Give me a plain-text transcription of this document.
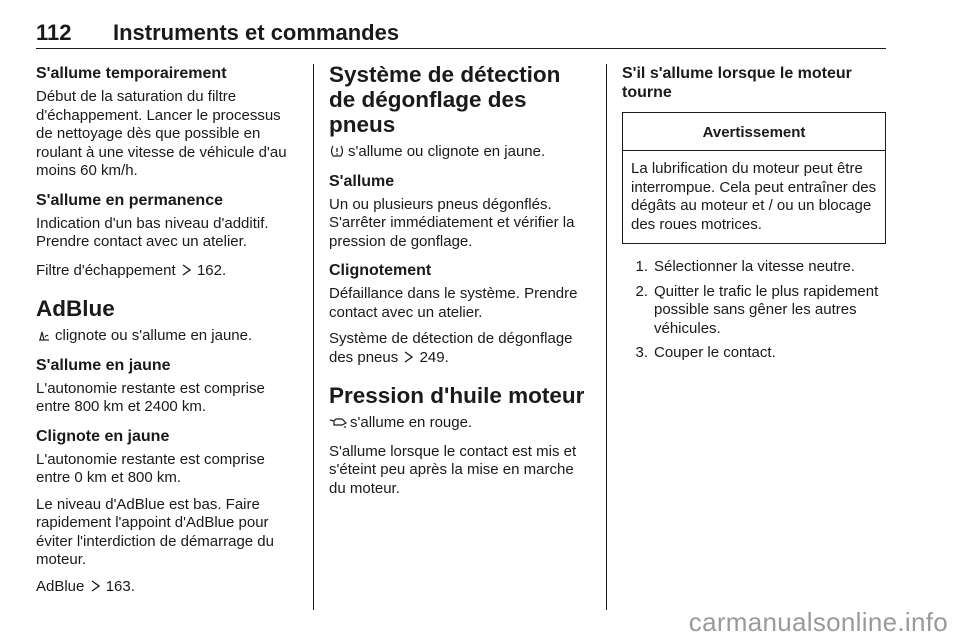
112 Instruments et commandes
S'allume temporairement

Début de la saturation du filtre d'échappement. Lancer le processus de nettoyage dès que possible en roulant à une vitesse de véhicule d'au moins 60 km/h.

S'allume en permanence

Indication d'un bas niveau d'additif. Prendre contact avec un atelier.

Filtre d'échappement 162.

AdBlue

clignote ou s'allume en jaune.

S'allume en jaune

L'autonomie restante est comprise entre 800 km et 2400 km.

Clignote en jaune

L'autonomie restante est comprise entre 0 km et 800 km.

Le niveau d'AdBlue est bas. Faire rapidement l'appoint d'AdBlue pour éviter l'interdiction de démarrage du moteur.

AdBlue 163.

Système de détection de dégonflage des pneus

s'allume ou clignote en jaune.

S'allume

Un ou plusieurs pneus dégonflés. S'arrêter immédiatement et vérifier la pression de gonflage.

Clignotement

Défaillance dans le système. Prendre contact avec un atelier.

Système de détection de dégonflage des pneus 249.

Pression d'huile moteur

s'allume en rouge.

S'allume lorsque le contact est mis et s'éteint peu après la mise en marche du moteur.

S'il s'allume lorsque le moteur tourne
Avertissement
La lubrification du moteur peut être interrompue. Cela peut entraîner des dégâts au moteur et / ou un blocage des roues motrices.
1. Sélectionner la vitesse neutre.
2. Quitter le trafic le plus rapidement possible sans gêner les autres véhicules.
3. Couper le contact.
carmanualsonline.info
